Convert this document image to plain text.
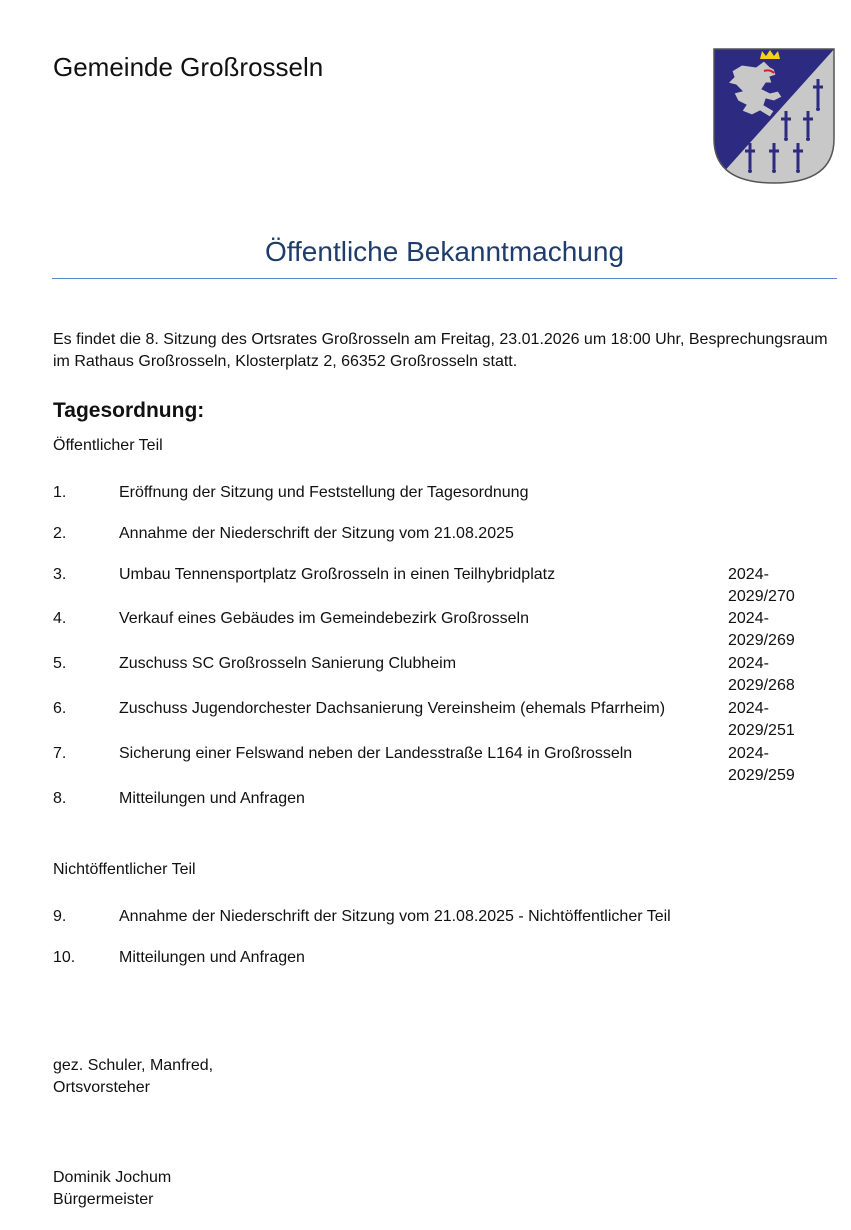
Gemeinde Großrosseln
Öffentliche Bekanntmachung
Es findet die 8. Sitzung des Ortsrates Großrosseln am Freitag, 23.01.2026 um 18:00 Uhr, Besprechungsraum im Rathaus Großrosseln, Klosterplatz 2, 66352 Großrosseln statt.
Tagesordnung:
Öffentlicher Teil
1.	Eröffnung der Sitzung und Feststellung der Tagesordnung
2.	Annahme der Niederschrift der Sitzung vom 21.08.2025
3.	Umbau Tennensportplatz Großrosseln in einen Teilhybridplatz	2024-
2029/270
4.	Verkauf eines Gebäudes im Gemeindebezirk Großrosseln	2024-
2029/269
5.	Zuschuss SC Großrosseln Sanierung Clubheim	2024-
2029/268
6.	Zuschuss Jugendorchester Dachsanierung Vereinsheim (ehemals Pfarrheim)	2024-
2029/251
7.	Sicherung einer Felswand neben der Landesstraße L164 in Großrosseln	2024-
2029/259
8.	Mitteilungen und Anfragen
Nichtöffentlicher Teil
9.	Annahme der Niederschrift der Sitzung vom 21.08.2025 - Nichtöffentlicher Teil
10.	Mitteilungen und Anfragen
gez. Schuler, Manfred,
Ortsvorsteher
Dominik Jochum
Bürgermeister
